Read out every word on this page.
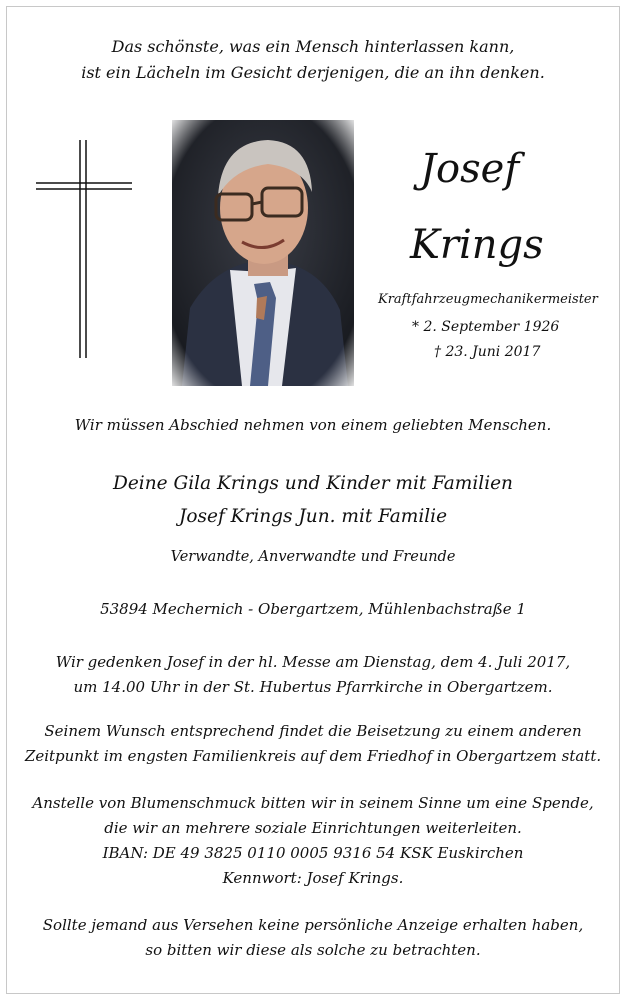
Das schönste, was ein Mensch hinterlassen kann,
ist ein Lächeln im Gesicht derjenigen, die an ihn denken.
Josef
Krings
Kraftfahrzeugmechanikermeister
* 2. September 1926
† 23. Juni 2017
Wir müssen Abschied nehmen von einem geliebten Menschen.
Deine Gila Krings und Kinder mit Familien
Josef Krings Jun. mit Familie
Verwandte, Anverwandte und Freunde
53894 Mechernich - Obergartzem, Mühlenbachstraße 1
Wir gedenken Josef in der hl. Messe am Dienstag, dem 4. Juli 2017,
um 14.00 Uhr in der St. Hubertus Pfarrkirche in Obergartzem.
Seinem Wunsch entsprechend findet die Beisetzung zu einem anderen
Zeitpunkt im engsten Familienkreis auf dem Friedhof in Obergartzem statt.
Anstelle von Blumenschmuck bitten wir in seinem Sinne um eine Spende,
die wir an mehrere soziale Einrichtungen weiterleiten.
IBAN: DE 49 3825 0110 0005 9316 54 KSK Euskirchen
Kennwort: Josef Krings.
Sollte jemand aus Versehen keine persönliche Anzeige erhalten haben,
so bitten wir diese als solche zu betrachten.
